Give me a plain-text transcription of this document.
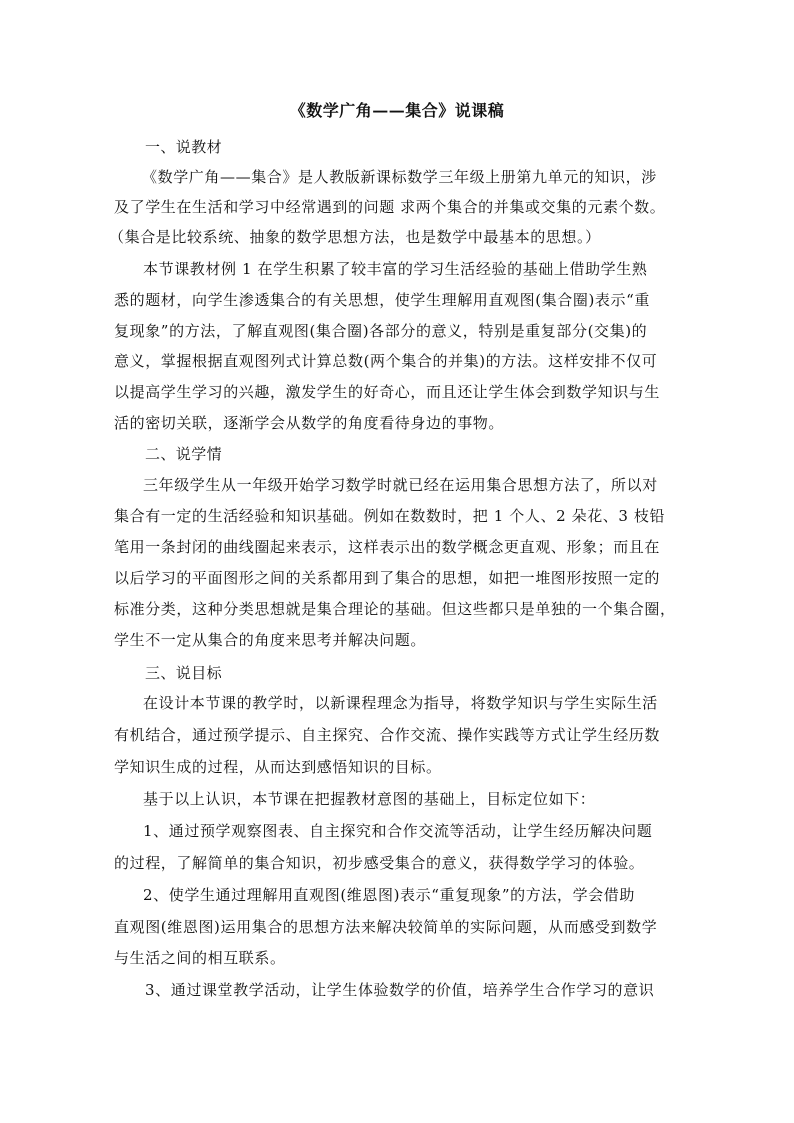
《数学广角——集合》说课稿
一、说教材
《数学广角——集合》是人教版新课标数学三年级上册第九单元的知识，涉
及了学生在生活和学习中经常遇到的问题 求两个集合的并集或交集的元素个数。
（集合是比较系统、抽象的数学思想方法，也是数学中最基本的思想。）
本节课教材例 1 在学生积累了较丰富的学习生活经验的基础上借助学生熟
悉的题材，向学生渗透集合的有关思想，使学生理解用直观图(集合圈)表示“重
复现象”的方法，了解直观图(集合圈)各部分的意义，特别是重复部分(交集)的
意义，掌握根据直观图列式计算总数(两个集合的并集)的方法。这样安排不仅可
以提高学生学习的兴趣，激发学生的好奇心，而且还让学生体会到数学知识与生
活的密切关联，逐渐学会从数学的角度看待身边的事物。
二、说学情
三年级学生从一年级开始学习数学时就已经在运用集合思想方法了，所以对
集合有一定的生活经验和知识基础。例如在数数时，把 1 个人、2 朵花、3 枝铅
笔用一条封闭的曲线圈起来表示，这样表示出的数学概念更直观、形象；而且在
以后学习的平面图形之间的关系都用到了集合的思想，如把一堆图形按照一定的
标准分类，这种分类思想就是集合理论的基础。但这些都只是单独的一个集合圈，
学生不一定从集合的角度来思考并解决问题。
三、说目标
在设计本节课的教学时，以新课程理念为指导，将数学知识与学生实际生活
有机结合，通过预学提示、自主探究、合作交流、操作实践等方式让学生经历数
学知识生成的过程，从而达到感悟知识的目标。
基于以上认识，本节课在把握教材意图的基础上，目标定位如下：
1、通过预学观察图表、自主探究和合作交流等活动，让学生经历解决问题
的过程，了解简单的集合知识，初步感受集合的意义，获得数学学习的体验。
2、使学生通过理解用直观图(维恩图)表示“重复现象”的方法，学会借助
直观图(维恩图)运用集合的思想方法来解决较简单的实际问题，从而感受到数学
与生活之间的相互联系。
3、通过课堂教学活动，让学生体验数学的价值，培养学生合作学习的意识
